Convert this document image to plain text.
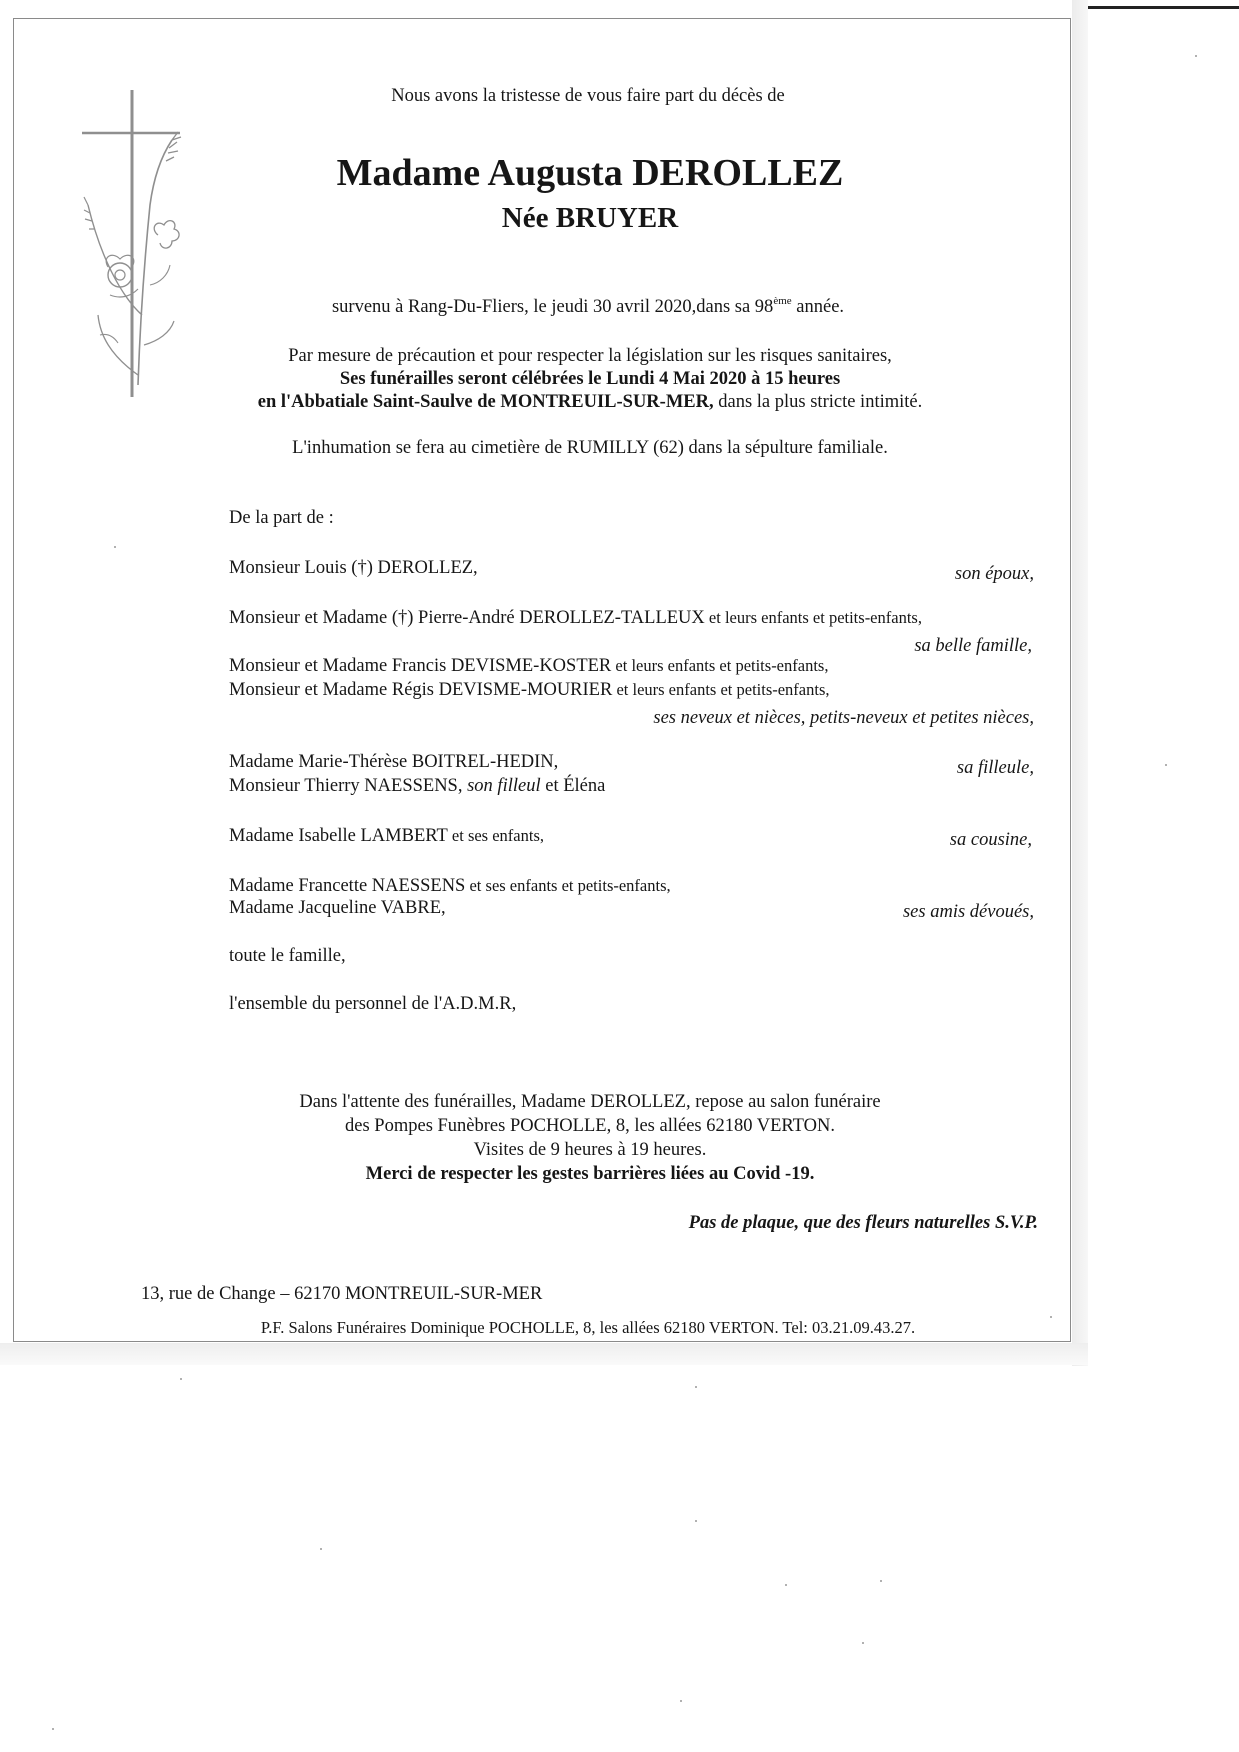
Nous avons la tristesse de vous faire part du décès de
Madame Augusta DEROLLEZ
Née BRUYER
survenu à Rang-Du-Fliers, le jeudi 30 avril 2020,dans sa 98ème année.
Par mesure de précaution et pour respecter la législation sur les risques sanitaires,
Ses funérailles seront célébrées le Lundi 4 Mai 2020 à 15 heures
en l'Abbatiale Saint-Saulve de MONTREUIL-SUR-MER, dans la plus stricte intimité.
L'inhumation se fera au cimetière de RUMILLY (62) dans la sépulture familiale.
De la part de :
Monsieur Louis (†) DEROLLEZ,	son époux,
Monsieur et Madame (†) Pierre-André DEROLLEZ-TALLEUX et leurs enfants et petits-enfants,
sa belle famille,
Monsieur et Madame Francis DEVISME-KOSTER et leurs enfants et petits-enfants,
Monsieur et Madame Régis DEVISME-MOURIER et leurs enfants et petits-enfants,
ses neveux et nièces, petits-neveux et petites nièces,
Madame Marie-Thérèse BOITREL-HEDIN,	sa filleule,
Monsieur Thierry NAESSENS, son filleul et Éléna
Madame Isabelle LAMBERT et ses enfants,	sa cousine,
Madame Francette NAESSENS et ses enfants et petits-enfants,
Madame Jacqueline VABRE,	ses amis dévoués,
toute le famille,
l'ensemble du personnel de l'A.D.M.R,
Dans l'attente des funérailles, Madame DEROLLEZ, repose au salon funéraire
des Pompes Funèbres POCHOLLE, 8, les allées 62180 VERTON.
Visites de 9 heures à 19 heures.
Merci de respecter les gestes barrières liées au Covid -19.
Pas de plaque, que des fleurs naturelles S.V.P.
13, rue de Change – 62170 MONTREUIL-SUR-MER
P.F. Salons Funéraires Dominique POCHOLLE, 8, les allées 62180 VERTON. Tel: 03.21.09.43.27.
